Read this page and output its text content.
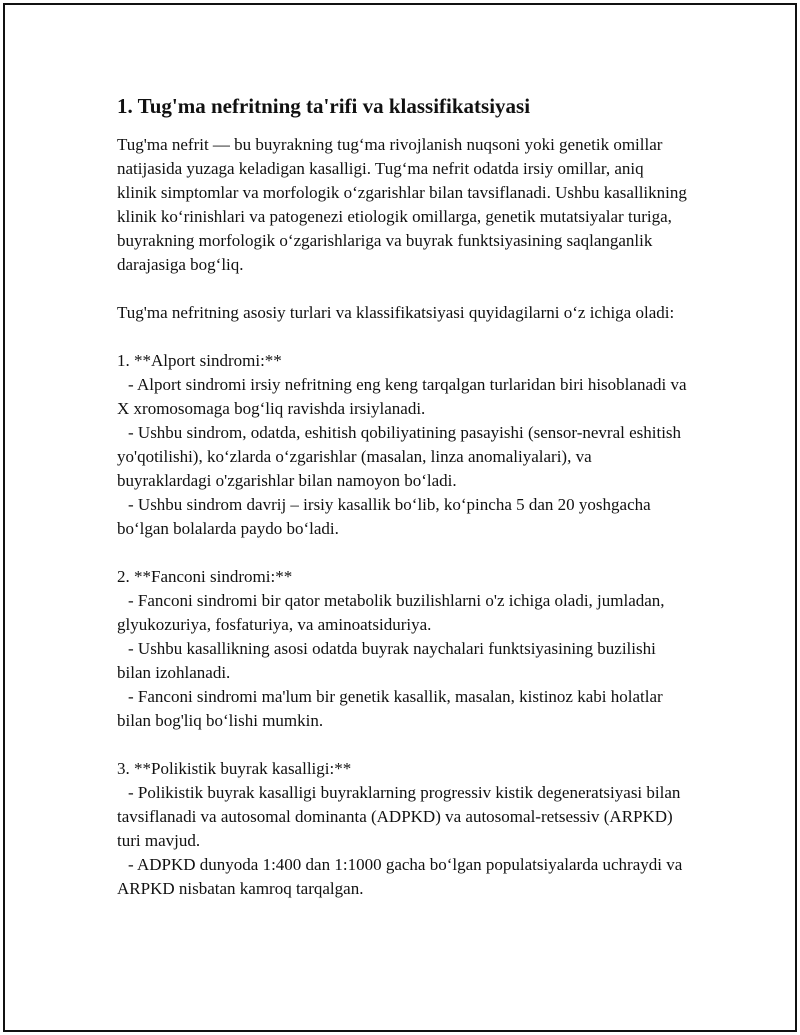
1. Tug'ma nefritning ta'rifi va klassifikatsiyasi

Tug'ma nefrit — bu buyrakning tug‘ma rivojlanish nuqsoni yoki genetik omillar natijasida yuzaga keladigan kasalligi. Tug‘ma nefrit odatda irsiy omillar, aniq klinik simptomlar va morfologik o‘zgarishlar bilan tavsiflanadi. Ushbu kasallikning klinik ko‘rinishlari va patogenezi etiologik omillarga, genetik mutatsiyalar turiga, buyrakning morfologik o‘zgarishlariga va buyrak funktsiyasining saqlanganlik darajasiga bog‘liq.

Tug'ma nefritning asosiy turlari va klassifikatsiyasi quyidagilarni o‘z ichiga oladi:

1. **Alport sindromi:**

- Alport sindromi irsiy nefritning eng keng tarqalgan turlaridan biri hisoblanadi va X xromosomaga bog‘liq ravishda irsiylanadi.

- Ushbu sindrom, odatda, eshitish qobiliyatining pasayishi (sensor-nevral eshitish yo'qotilishi), ko‘zlarda o‘zgarishlar (masalan, linza anomaliyalari), va buyraklardagi o'zgarishlar bilan namoyon bo‘ladi.

- Ushbu sindrom davrij – irsiy kasallik bo‘lib, ko‘pincha 5 dan 20 yoshgacha bo‘lgan bolalarda paydo bo‘ladi.

2. **Fanconi sindromi:**

- Fanconi sindromi bir qator metabolik buzilishlarni o'z ichiga oladi, jumladan, glyukozuriya, fosfaturiya, va aminoatsiduriya.

- Ushbu kasallikning asosi odatda buyrak naychalari funktsiyasining buzilishi bilan izohlanadi.

- Fanconi sindromi ma'lum bir genetik kasallik, masalan, kistinoz kabi holatlar bilan bog'liq bo‘lishi mumkin.

3. **Polikistik buyrak kasalligi:**

- Polikistik buyrak kasalligi buyraklarning progressiv kistik degeneratsiyasi bilan tavsiflanadi va autosomal dominanta (ADPKD) va autosomal-retsessiv (ARPKD) turi mavjud.

- ADPKD dunyoda 1:400 dan 1:1000 gacha bo‘lgan populatsiyalarda uchraydi va ARPKD nisbatan kamroq tarqalgan.
